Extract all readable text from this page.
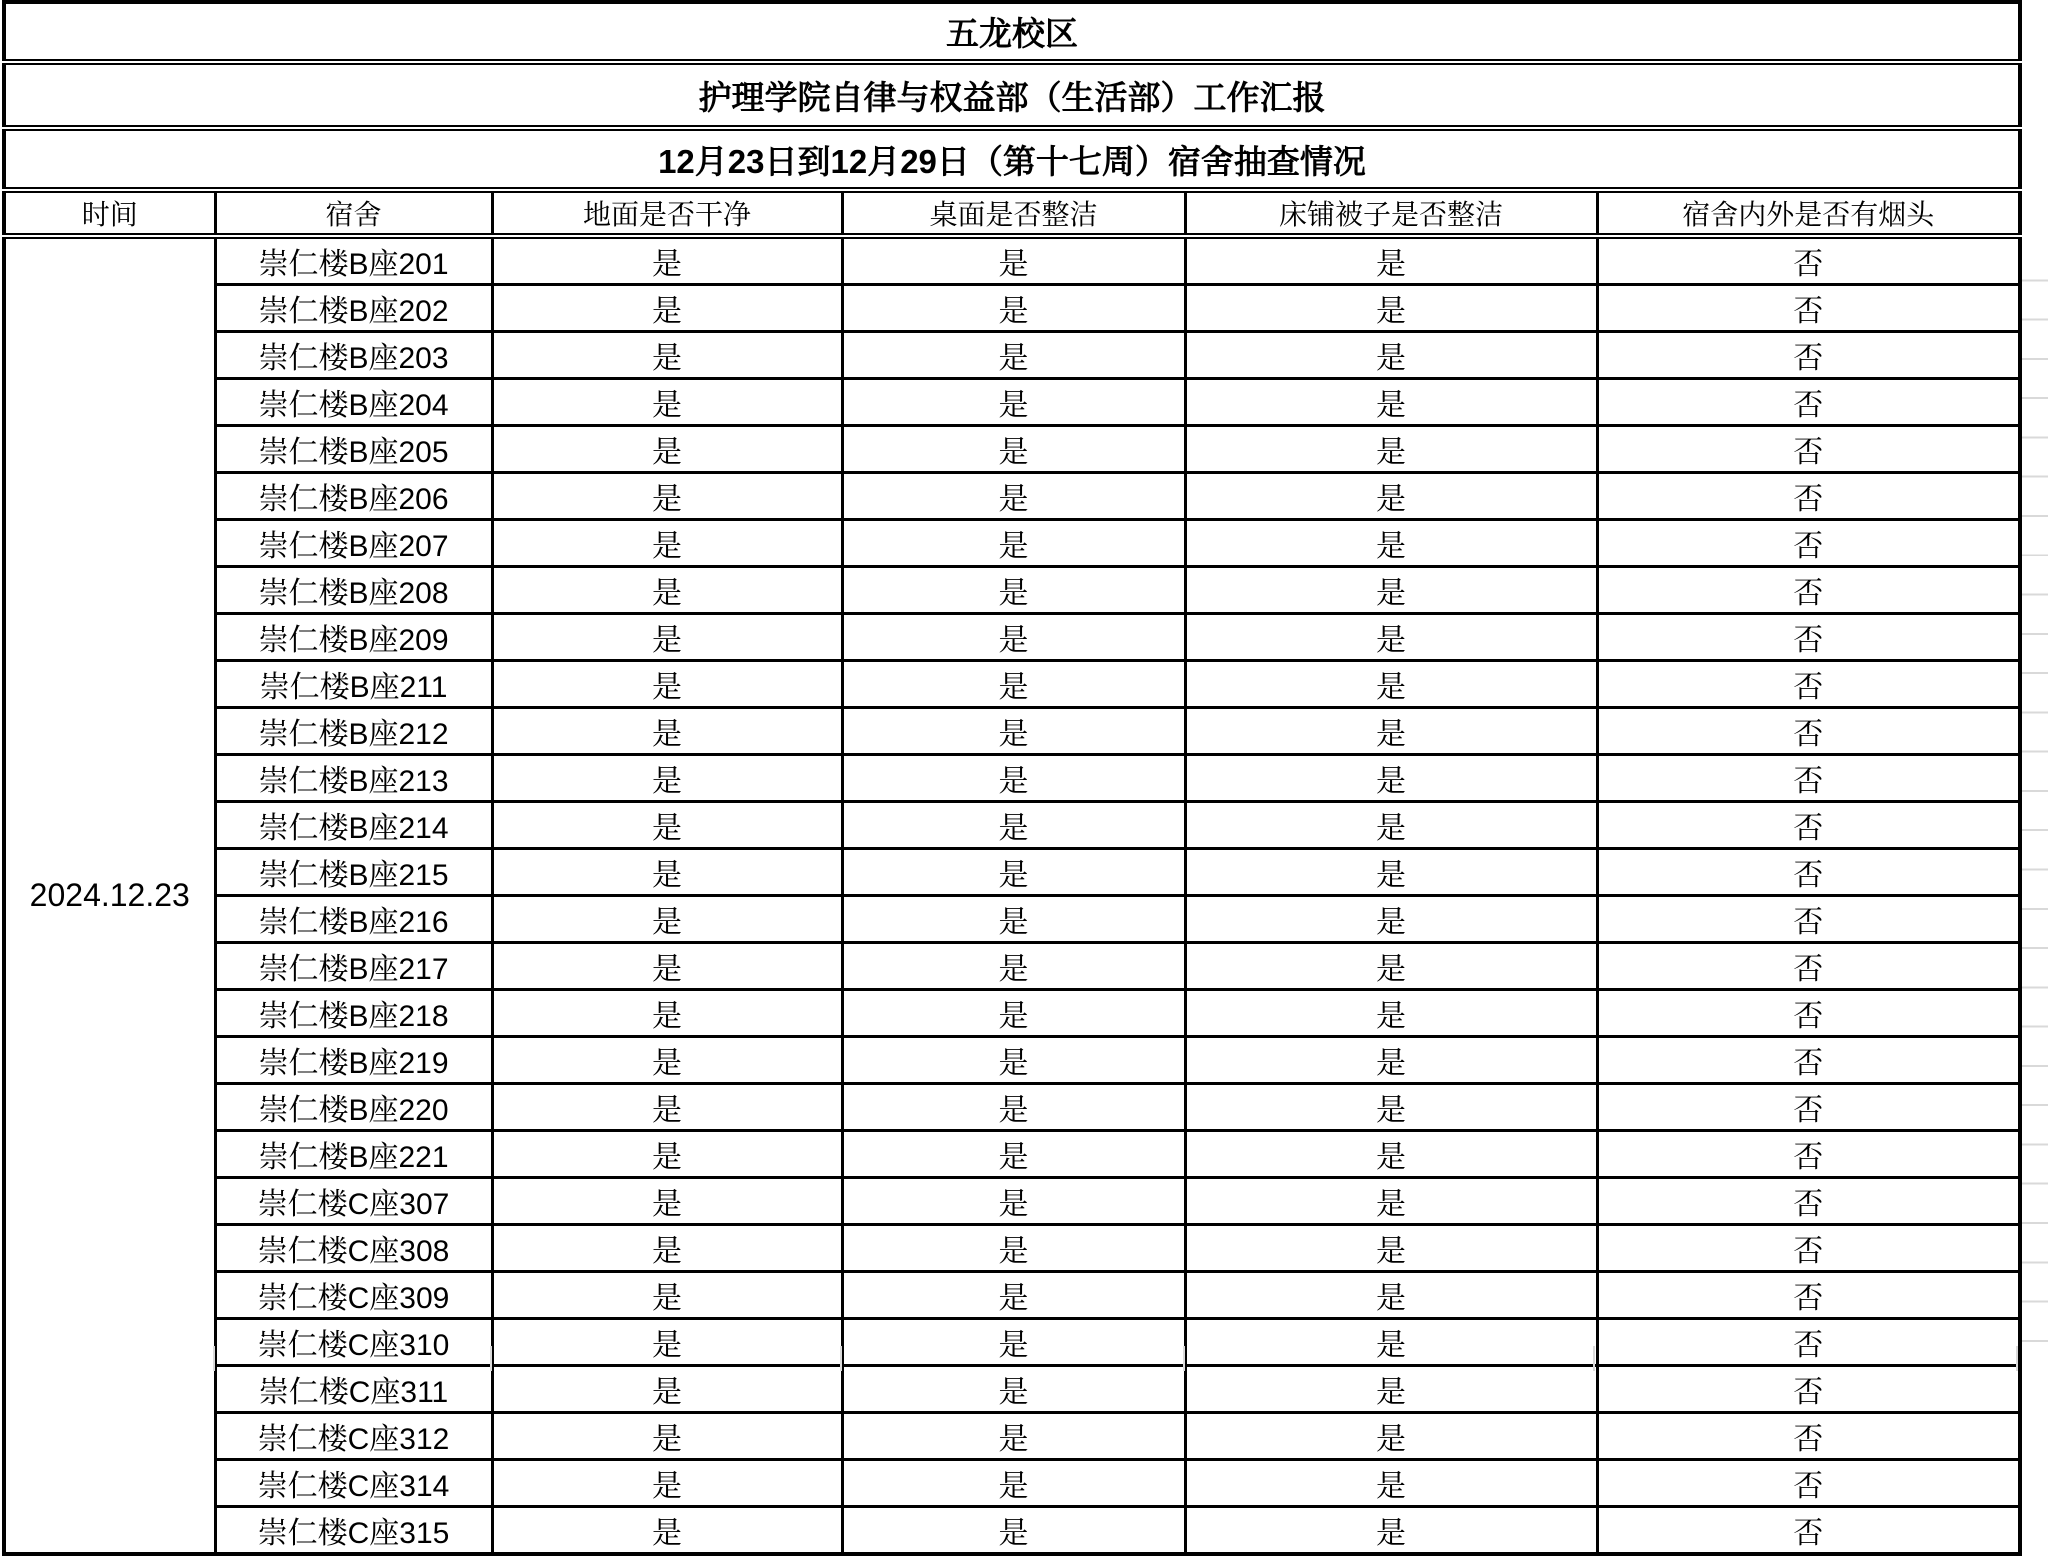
五龙校区					
护理学院自律与权益部（生活部）工作汇报					
12月23日到12月29日（第十七周）宿舍抽查情况					
时间	宿舍	地面是否干净	桌面是否整洁	床铺被子是否整洁	宿舍内外是否有烟头
2024.12.23	崇仁楼B座201	是	是	是	否
	崇仁楼B座202	是	是	是	否
	崇仁楼B座203	是	是	是	否
	崇仁楼B座204	是	是	是	否
	崇仁楼B座205	是	是	是	否
	崇仁楼B座206	是	是	是	否
	崇仁楼B座207	是	是	是	否
	崇仁楼B座208	是	是	是	否
	崇仁楼B座209	是	是	是	否
	崇仁楼B座211	是	是	是	否
	崇仁楼B座212	是	是	是	否
	崇仁楼B座213	是	是	是	否
	崇仁楼B座214	是	是	是	否
	崇仁楼B座215	是	是	是	否
	崇仁楼B座216	是	是	是	否
	崇仁楼B座217	是	是	是	否
	崇仁楼B座218	是	是	是	否
	崇仁楼B座219	是	是	是	否
	崇仁楼B座220	是	是	是	否
	崇仁楼B座221	是	是	是	否
	崇仁楼C座307	是	是	是	否
	崇仁楼C座308	是	是	是	否
	崇仁楼C座309	是	是	是	否
	崇仁楼C座310	是	是	是	否
	崇仁楼C座311	是	是	是	否
	崇仁楼C座312	是	是	是	否
	崇仁楼C座314	是	是	是	否
	崇仁楼C座315	是	是	是	否
